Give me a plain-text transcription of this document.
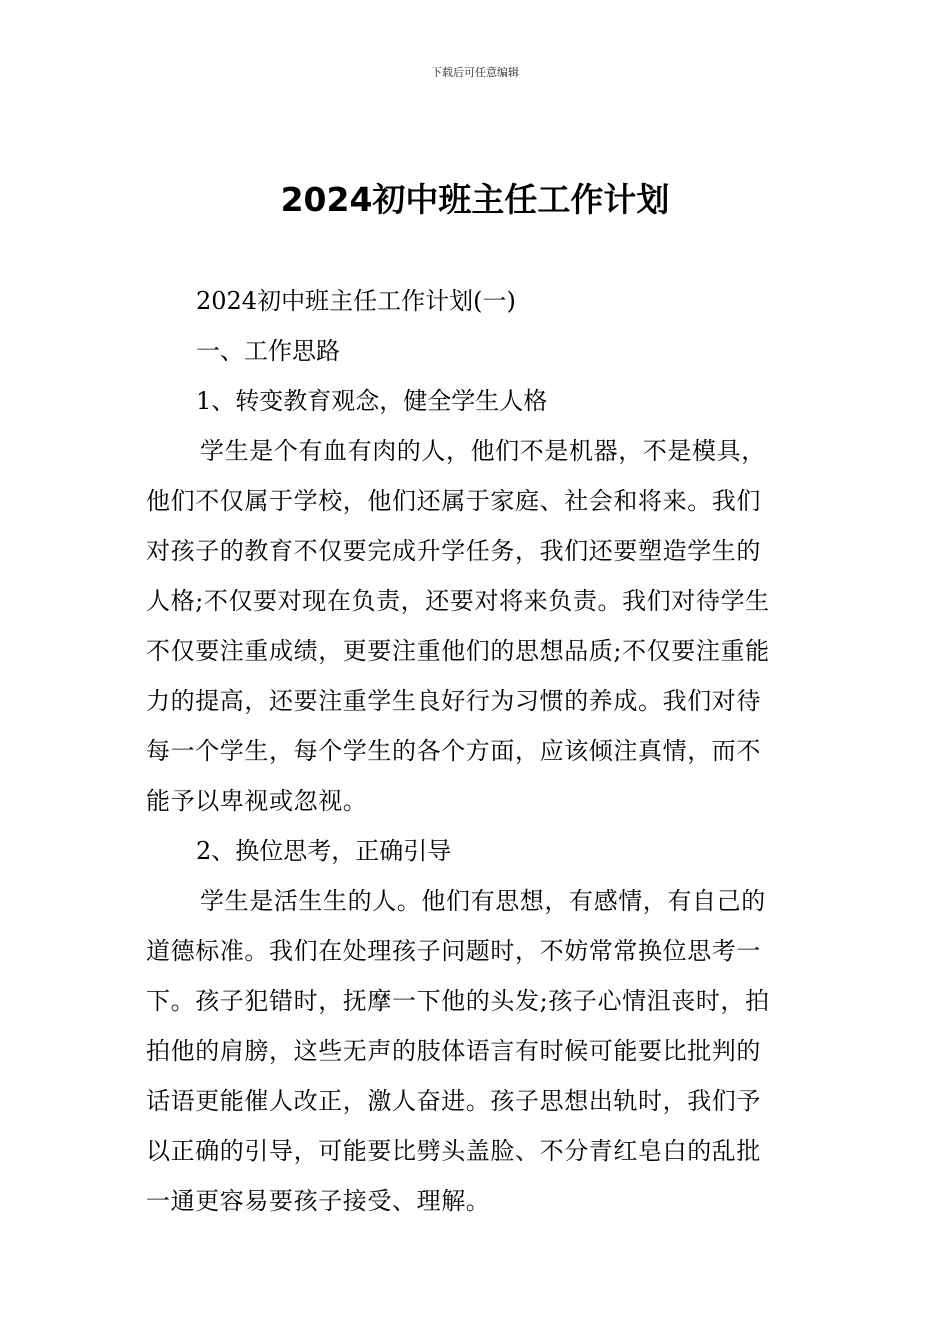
下载后可任意编辑
2024初中班主任工作计划

2024初中班主任工作计划(一)

一、工作思路

1、转变教育观念，健全学生人格

学生是个有血有肉的人，他们不是机器，不是模具，

他们不仅属于学校，他们还属于家庭、社会和将来。我们

对孩子的教育不仅要完成升学任务，我们还要塑造学生的

人格;不仅要对现在负责，还要对将来负责。我们对待学生

不仅要注重成绩，更要注重他们的思想品质;不仅要注重能

力的提高，还要注重学生良好行为习惯的养成。我们对待

每一个学生，每个学生的各个方面，应该倾注真情，而不

能予以卑视或忽视。

2、换位思考，正确引导

学生是活生生的人。他们有思想，有感情，有自己的

道德标准。我们在处理孩子问题时，不妨常常换位思考一

下。孩子犯错时，抚摩一下他的头发;孩子心情沮丧时，拍

拍他的肩膀，这些无声的肢体语言有时候可能要比批判的

话语更能催人改正，激人奋进。孩子思想出轨时，我们予

以正确的引导，可能要比劈头盖脸、不分青红皂白的乱批

一通更容易要孩子接受、理解。
